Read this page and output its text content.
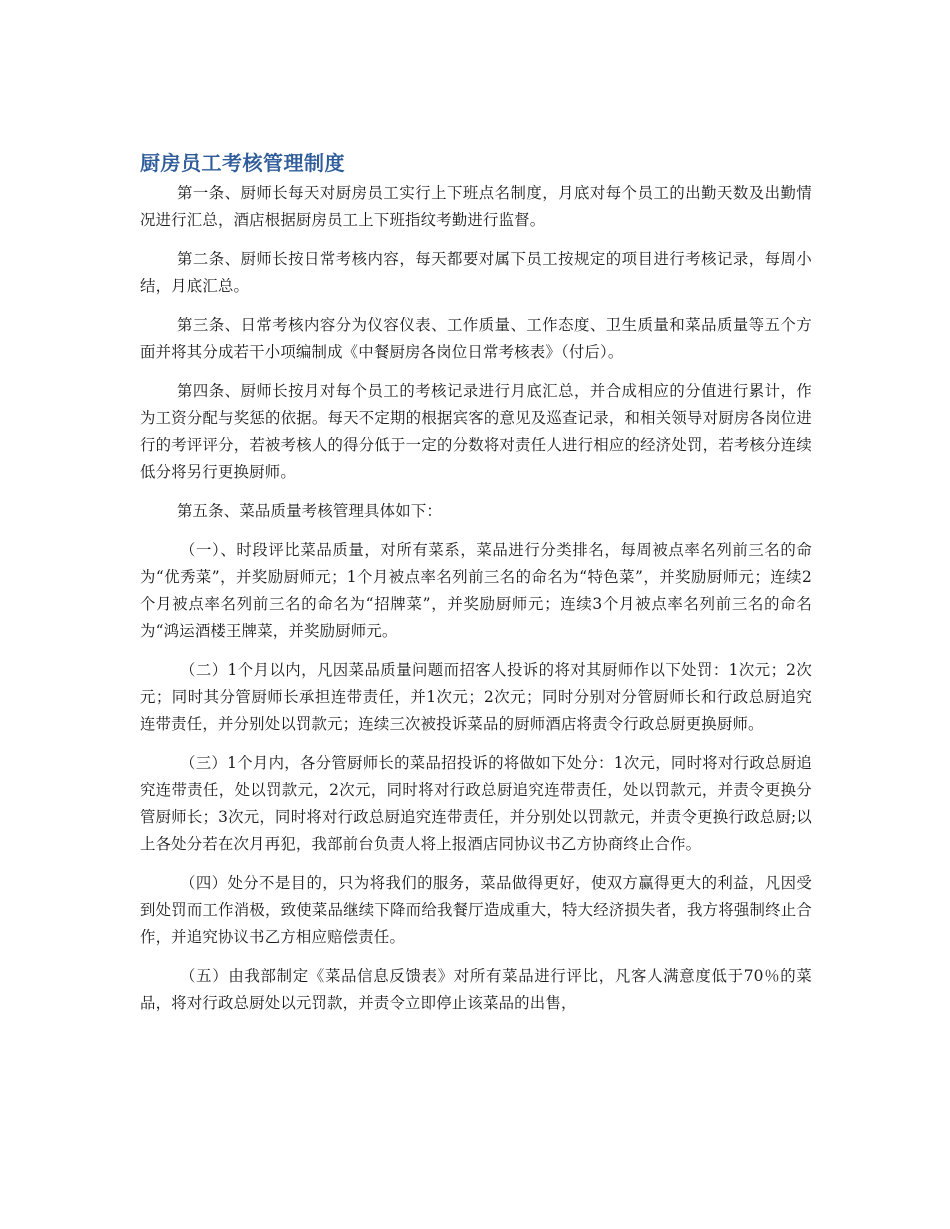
厨房员工考核管理制度

第一条、厨师长每天对厨房员工实行上下班点名制度，月底对每个员工的出勤天数及出勤情况进行汇总，酒店根据厨房员工上下班指纹考勤进行监督。

第二条、厨师长按日常考核内容，每天都要对属下员工按规定的项目进行考核记录，每周小结，月底汇总。

第三条、日常考核内容分为仪容仪表、工作质量、工作态度、卫生质量和菜品质量等五个方面并将其分成若干小项编制成《中餐厨房各岗位日常考核表》（付后）。

第四条、厨师长按月对每个员工的考核记录进行月底汇总，并合成相应的分值进行累计，作为工资分配与奖惩的依据。每天不定期的根据宾客的意见及巡查记录，和相关领导对厨房各岗位进行的考评评分，若被考核人的得分低于一定的分数将对责任人进行相应的经济处罚，若考核分连续低分将另行更换厨师。

第五条、菜品质量考核管理具体如下：

（一）、时段评比菜品质量，对所有菜系，菜品进行分类排名，每周被点率名列前三名的命为“优秀菜”，并奖励厨师元；1个月被点率名列前三名的命名为“特色菜”，并奖励厨师元；连续2个月被点率名列前三名的命名为“招牌菜”，并奖励厨师元；连续3个月被点率名列前三名的命名为“鸿运酒楼王牌菜，并奖励厨师元。

（二）1个月以内，凡因菜品质量问题而招客人投诉的将对其厨师作以下处罚：1次元；2次元；同时其分管厨师长承担连带责任，并1次元；2次元；同时分别对分管厨师长和行政总厨追究连带责任，并分别处以罚款元；连续三次被投诉菜品的厨师酒店将责令行政总厨更换厨师。

（三）1个月内，各分管厨师长的菜品招投诉的将做如下处分：1次元，同时将对行政总厨追究连带责任，处以罚款元，2次元，同时将对行政总厨追究连带责任，处以罚款元，并责令更换分管厨师长；3次元，同时将对行政总厨追究连带责任，并分别处以罚款元，并责令更换行政总厨;以上各处分若在次月再犯，我部前台负责人将上报酒店同协议书乙方协商终止合作。

（四）处分不是目的，只为将我们的服务，菜品做得更好，使双方赢得更大的利益，凡因受到处罚而工作消极，致使菜品继续下降而给我餐厅造成重大，特大经济损失者，我方将强制终止合作，并追究协议书乙方相应赔偿责任。

（五）由我部制定《菜品信息反馈表》对所有菜品进行评比，凡客人满意度低于70％的菜品，将对行政总厨处以元罚款，并责令立即停止该菜品的出售，
